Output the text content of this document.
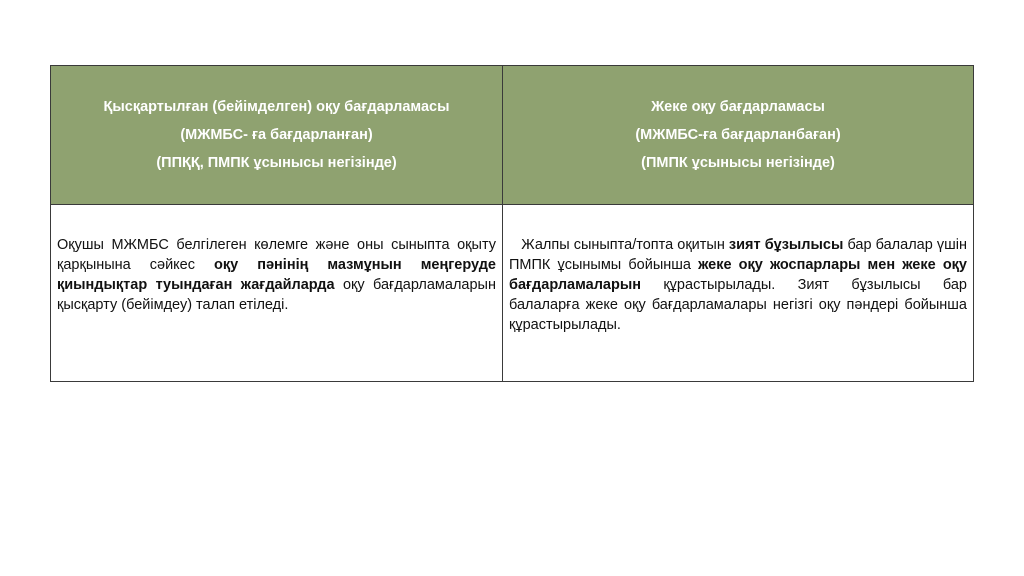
Қысқартылған (бейімделген) оқу бағдарламасы
(МЖМБС- ға бағдарланған)
(ППҚҚ, ПМПК ұсынысы негізінде)
Жеке оқу бағдарламасы
(МЖМБС-ға бағдарланбаған)
(ПМПК ұсынысы негізінде)
Оқушы МЖМБС белгілеген көлемге және оны сыныпта оқыту қарқынына сәйкес оқу пәнінің мазмұнын меңгеруде қиындықтар туындаған жағдайларда оқу бағдарламаларын қысқарту (бейімдеу) талап етіледі.
Жалпы сыныпта/топта оқитын зият бұзылысы бар балалар үшін ПМПК ұсынымы бойынша жеке оқу жоспарлары мен жеке оқу бағдарламаларын құрастырылады. Зият бұзылысы бар балаларға жеке оқу бағдарламалары негізгі оқу пәндері бойынша құрастырылады.
